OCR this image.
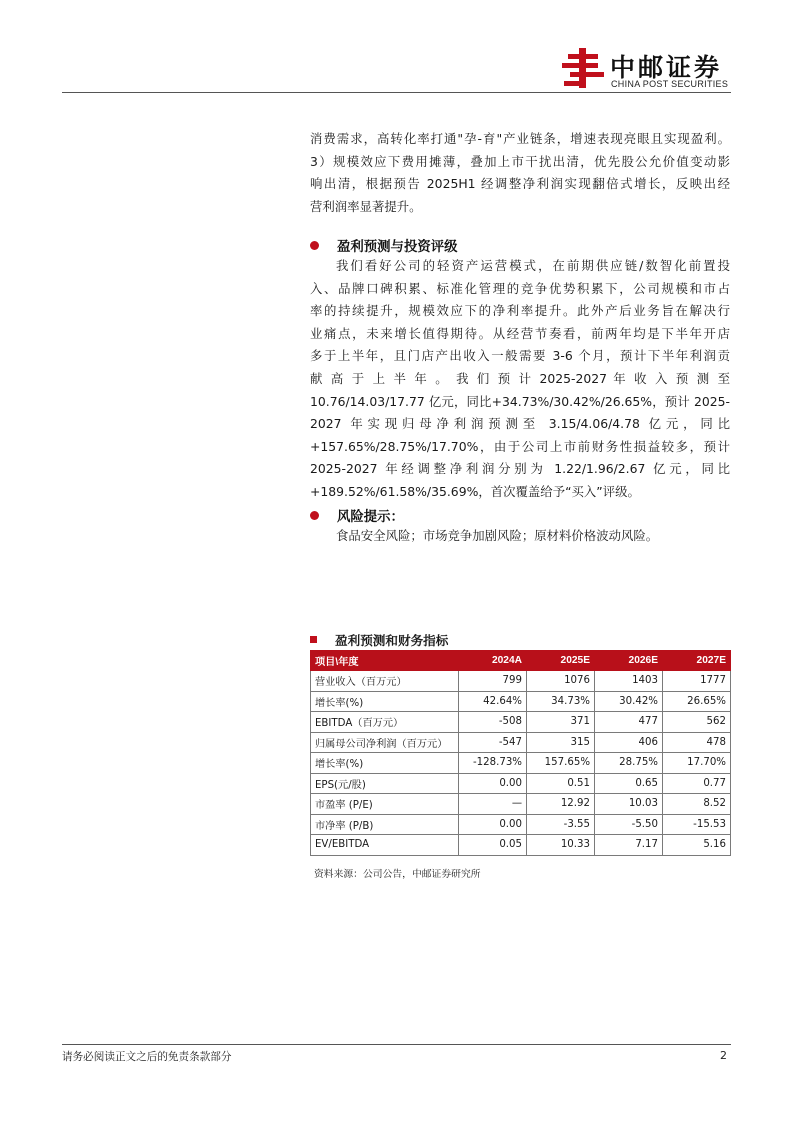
中邮证券
CHINA POST SECURITIES
消费需求，高转化率打通"孕-育"产业链条，增速表现亮眼且实现盈利。
3）规模效应下费用摊薄，叠加上市干扰出清，优先股公允价值变动影
响出清，根据预告 2025H1 经调整净利润实现翻倍式增长，反映出经
营利润率显著提升。
盈利预测与投资评级
我们看好公司的轻资产运营模式，在前期供应链/数智化前置投
入、品牌口碑积累、标准化管理的竞争优势积累下，公司规模和市占
率的持续提升，规模效应下的净利率提升。此外产后业务旨在解决行
业痛点，未来增长值得期待。从经营节奏看，前两年均是下半年开店
多于上半年，且门店产出收入一般需要 3-6 个月，预计下半年利润贡
献 高 于 上 半 年 。 我 们 预 计 2025-2027 年 收 入 预 测 至
10.76/14.03/17.77 亿元，同比+34.73%/30.42%/26.65%，预计 2025-
2027 年实现归母净利润预测至 3.15/4.06/4.78 亿元，同比
+157.65%/28.75%/17.70%，由于公司上市前财务性损益较多，预计
2025-2027 年经调整净利润分别为 1.22/1.96/2.67 亿元，同比
+189.52%/61.58%/35.69%，首次覆盖给予“买入”评级。
风险提示：
食品安全风险；市场竞争加剧风险；原材料价格波动风险。
盈利预测和财务指标
项目\年度	2024A	2025E	2026E	2027E
营业收入（百万元）	799	1076	1403	1777
增长率(%)	42.64%	34.73%	30.42%	26.65%
EBITDA（百万元）	-508	371	477	562
归属母公司净利润（百万元）	-547	315	406	478
增长率(%)	-128.73%	157.65%	28.75%	17.70%
EPS(元/股)	0.00	0.51	0.65	0.77
市盈率 (P/E)	—	12.92	10.03	8.52
市净率 (P/B)	0.00	-3.55	-5.50	-15.53
EV/EBITDA	0.05	10.33	7.17	5.16
资料来源：公司公告，中邮证券研究所
请务必阅读正文之后的免责条款部分	2
